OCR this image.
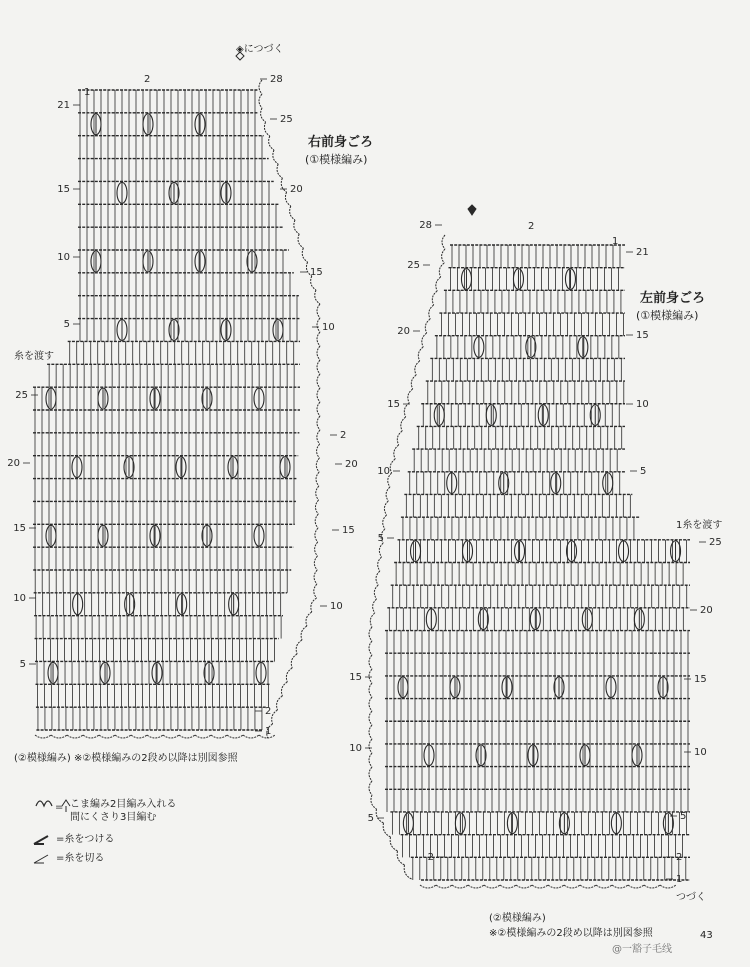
21
15
10
5
25
20
15
10
5
28
25
20
15
10
2
20
15
10
2
1
28
25
20
15
10
5
15
10
5
2
21
15
10
5
25
20
15
10
5
2
1
1
2
2
1
=
右前身ごろ
(①模様編み)
◈につづく
糸を渡す
(②模様編み) ※②模様編みの2段め以降は別図参照
左前身ごろ
(①模様編み)
1糸を渡す
つづく
(②模様編み)
※②模様編みの2段め以降は別図参照
こま編み2目編み入れる
間にくさり3目編む
=糸をつける
=糸を切る
43
@一豁子毛线
